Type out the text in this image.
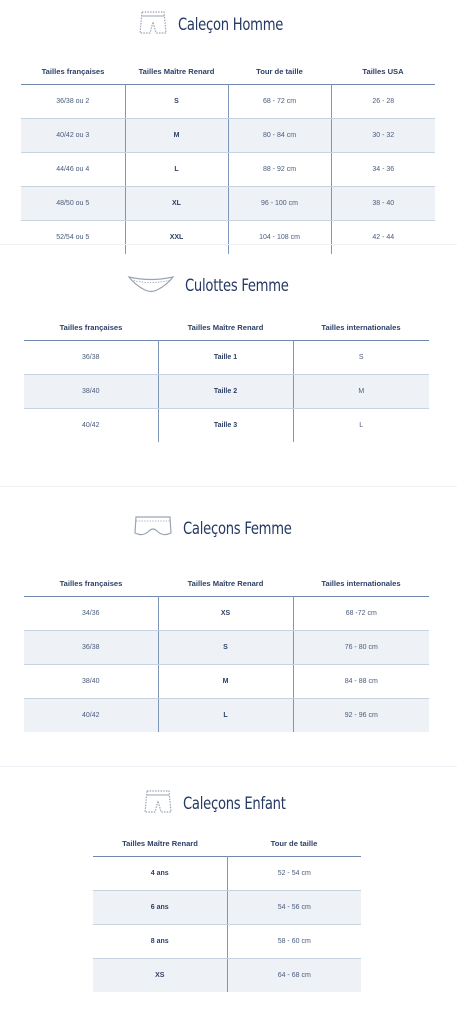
Caleçon Homme
Tailles françaises	Tailles Maître Renard	Tour de taille	Tailles USA
36/38 ou 2	S	68 - 72 cm	26 - 28
40/42 ou 3	M	80 - 84 cm	30 - 32
44/46 ou 4	L	88 - 92 cm	34 - 36
48/50 ou 5	XL	96 - 100 cm	38 - 40
52/54 ou 5	XXL	104 - 108 cm	42 - 44
Culottes Femme
Tailles françaises	Tailles Maître Renard	Tailles internationales
36/38	Taille 1	S
38/40	Taille 2	M
40/42	Taille 3	L
Caleçons Femme
Tailles françaises	Tailles Maître Renard	Tailles internationales
34/36	XS	68 -72 cm
36/38	S	76 - 80 cm
38/40	M	84 - 88 cm
40/42	L	92 - 96 cm
Caleçons Enfant
Tailles Maître Renard	Tour de taille
4 ans	52 - 54 cm
6 ans	54 - 56 cm
8 ans	58 - 60 cm
XS	64 - 68 cm
